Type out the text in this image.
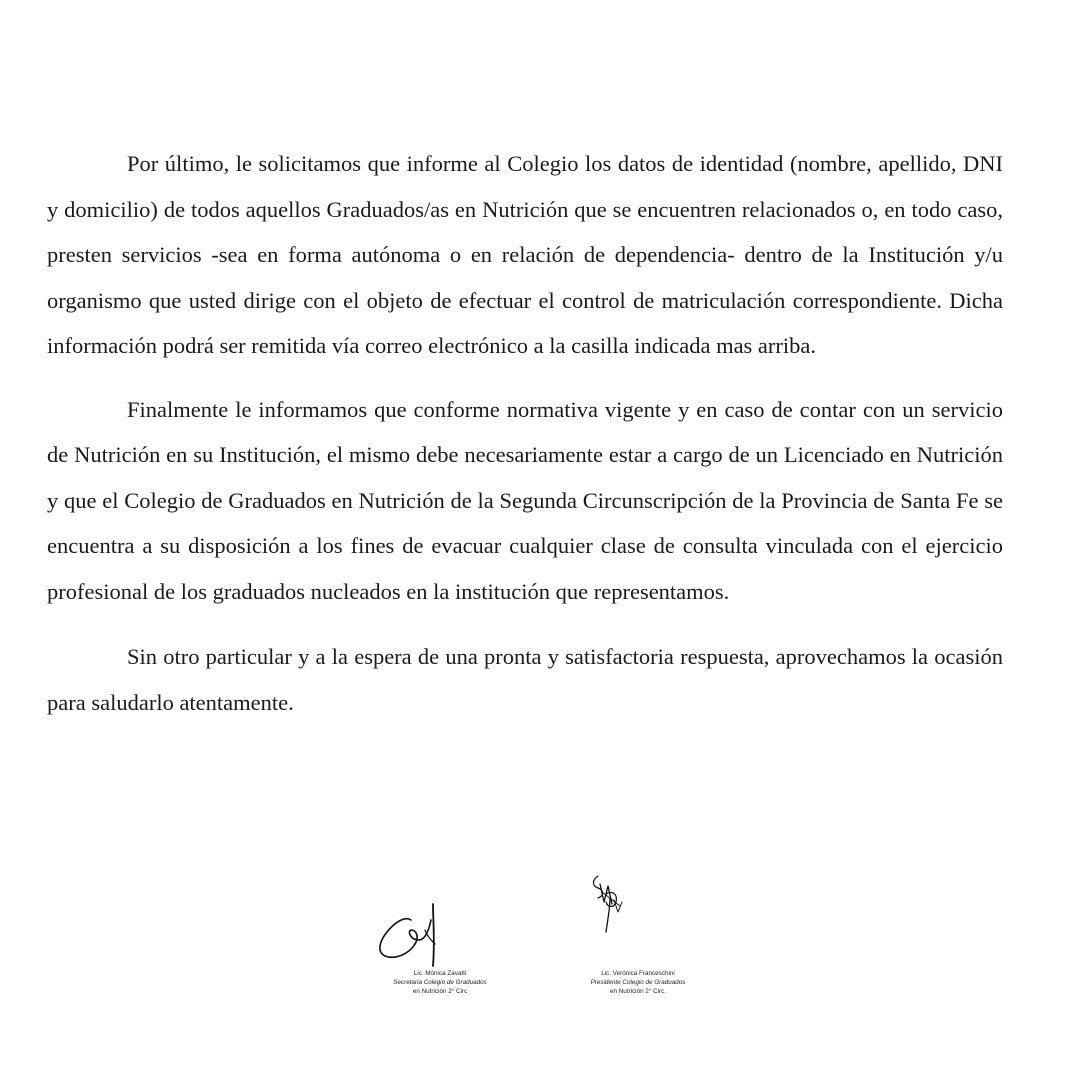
Por último, le solicitamos que informe al Colegio los datos de identidad (nombre, apellido, DNI y domicilio) de todos aquellos Graduados/as en Nutrición que se encuentren relacionados o, en todo caso, presten servicios -sea en forma autónoma o en relación de dependencia- dentro de la Institución y/u organismo que usted dirige con el objeto de efectuar el control de matriculación correspondiente. Dicha información podrá ser remitida vía correo electrónico a la casilla indicada mas arriba.

Finalmente le informamos que conforme normativa vigente y en caso de contar con un servicio de Nutrición en su Institución, el mismo debe necesariamente estar a cargo de un Licenciado en Nutrición y que el Colegio de Graduados en Nutrición de la Segunda Circunscripción de la Provincia de Santa Fe se encuentra a su disposición a los fines de evacuar cualquier clase de consulta vinculada con el ejercicio profesional de los graduados nucleados en la institución que representamos.

Sin otro particular y a la espera de una pronta y satisfactoria respuesta, aprovechamos la ocasión para saludarlo atentamente.

Lic. Mónica Zavatti
Secretaria Colegio de Graduados
en Nutrición 2° Circ
Lic. Verónica Franceschini
Presidente Colegio de Graduados
en Nutrición 2° Circ.
